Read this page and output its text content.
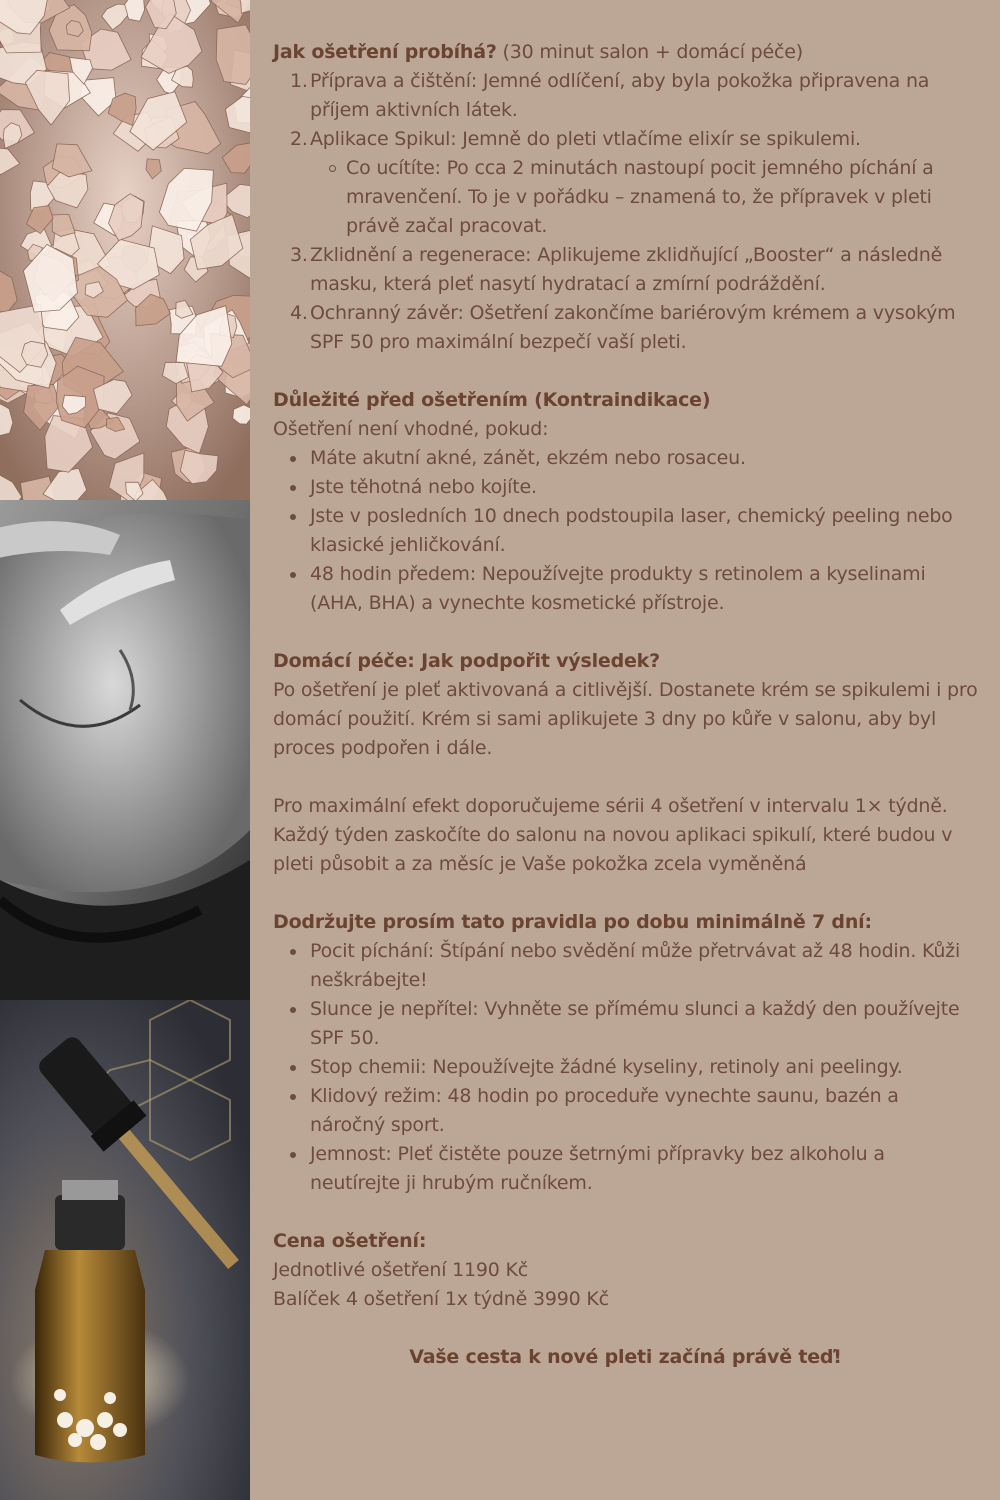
Jak ošetření probíhá? (30 minut salon + domácí péče)

1. Příprava a čištění: Jemné odlíčení, aby byla pokožka připravena na příjem aktivních látek.
2. Aplikace Spikul: Jemně do pleti vtlačíme elixír se spikulemi.
Co ucítíte: Po cca 2 minutách nastoupí pocit jemného píchání a mravenčení. To je v pořádku – znamená to, že přípravek v pleti právě začal pracovat.
3. Zklidnění a regenerace: Aplikujeme zklidňující „Booster“ a následně masku, která pleť nasytí hydratací a zmírní podráždění.
4. Ochranný závěr: Ošetření zakončíme bariérovým krémem a vysokým SPF 50 pro maximální bezpečí vaší pleti.

Důležité před ošetřením (Kontraindikace)

Ošetření není vhodné, pokud:

Máte akutní akné, zánět, ekzém nebo rosaceu.
Jste těhotná nebo kojíte.
Jste v posledních 10 dnech podstoupila laser, chemický peeling nebo klasické jehličkování.
48 hodin předem: Nepoužívejte produkty s retinolem a kyselinami (AHA, BHA) a vynechte kosmetické přístroje.

Domácí péče: Jak podpořit výsledek?

Po ošetření je pleť aktivovaná a citlivější. Dostanete krém se spikulemi i pro domácí použití. Krém si sami aplikujete 3 dny po kůře v salonu, aby byl proces podpořen i dále.

Pro maximální efekt doporučujeme sérii 4 ošetření v intervalu 1× týdně. Každý týden zaskočíte do salonu na novou aplikaci spikulí, které budou v pleti působit a za měsíc je Vaše pokožka zcela vyměněná

Dodržujte prosím tato pravidla po dobu minimálně 7 dní:

Pocit píchání: Štípání nebo svědění může přetrvávat až 48 hodin. Kůži neškrábejte!
Slunce je nepřítel: Vyhněte se přímému slunci a každý den používejte SPF 50.
Stop chemii: Nepoužívejte žádné kyseliny, retinoly ani peelingy.
Klidový režim: 48 hodin po proceduře vynechte saunu, bazén a náročný sport.
Jemnost: Pleť čistěte pouze šetrnými přípravky bez alkoholu a neutírejte ji hrubým ručníkem.

Cena ošetření:

Jednotlivé ošetření 1190 Kč

Balíček 4 ošetření 1x týdně 3990 Kč

Vaše cesta k nové pleti začíná právě teď!
